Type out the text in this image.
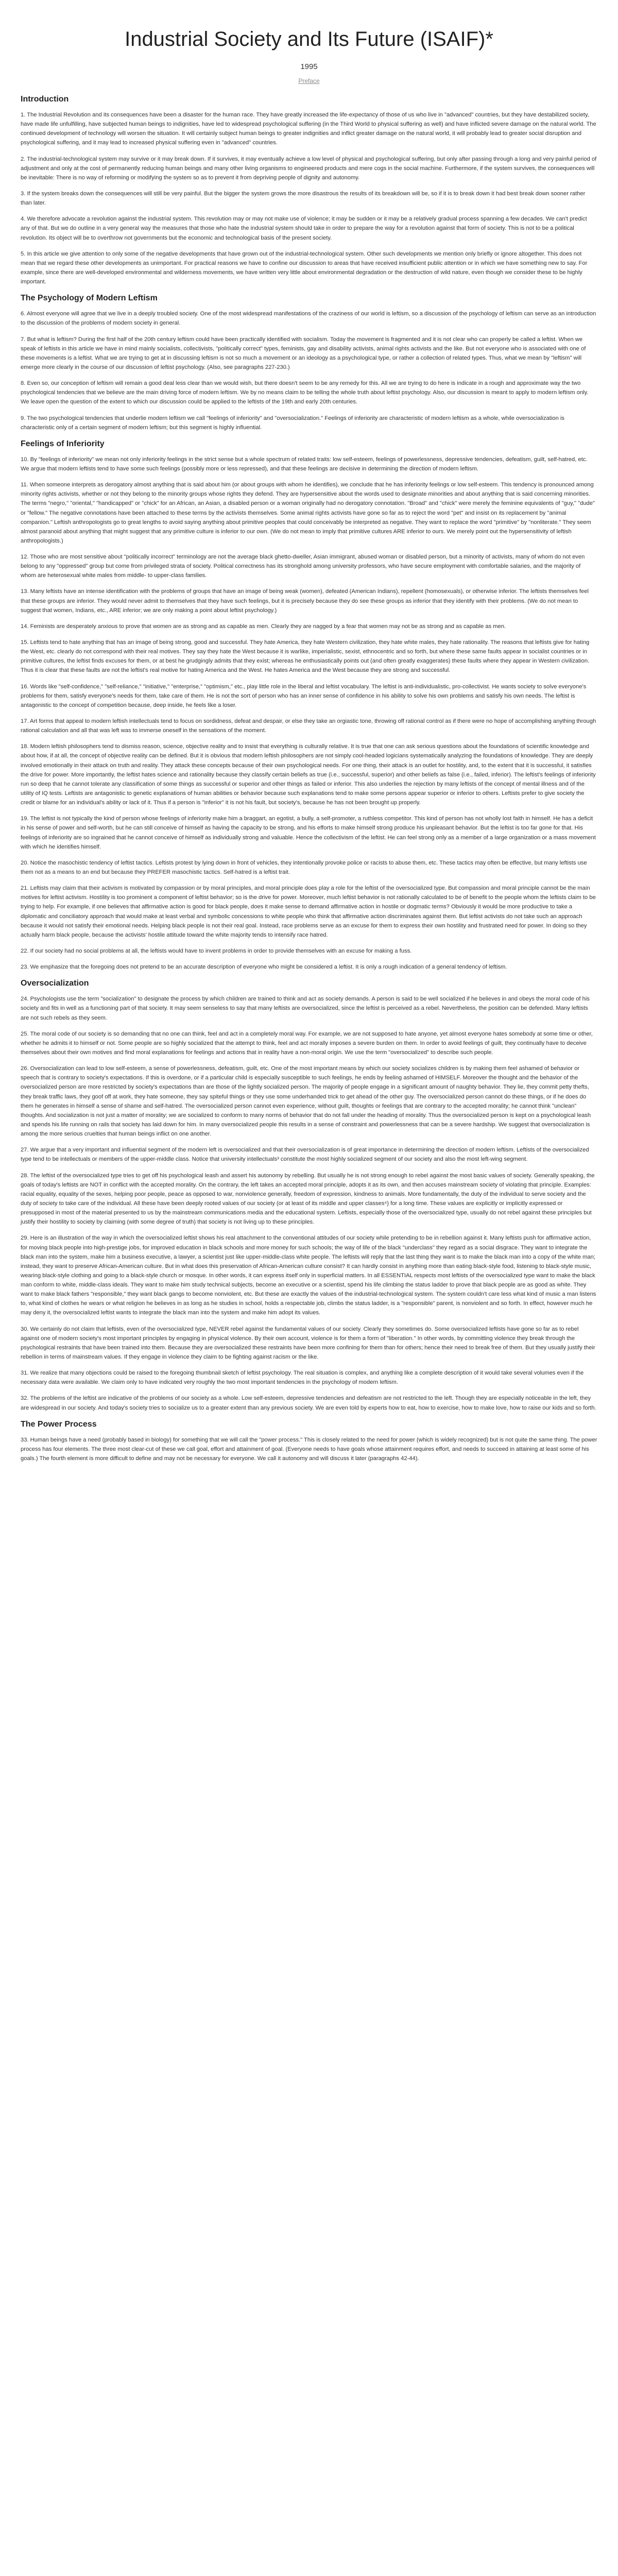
Industrial Society and Its Future (ISAIF)*
1995
Preface
Introduction

1. The Industrial Revolution and its consequences have been a disaster for the human race. They have greatly increased the life-expectancy of those of us who live in "advanced" countries, but they have destabilized society, have made life unfulfilling, have subjected human beings to indignities, have led to widespread psychological suffering (in the Third World to physical suffering as well) and have inflicted severe damage on the natural world. The continued development of technology will worsen the situation. It will certainly subject human beings to greater indignities and inflict greater damage on the natural world, it will probably lead to greater social disruption and psychological suffering, and it may lead to increased physical suffering even in "advanced" countries.

2. The industrial-technological system may survive or it may break down. If it survives, it may eventually achieve a low level of physical and psychological suffering, but only after passing through a long and very painful period of adjustment and only at the cost of permanently reducing human beings and many other living organisms to engineered products and mere cogs in the social machine. Furthermore, if the system survives, the consequences will be inevitable: There is no way of reforming or modifying the system so as to prevent it from depriving people of dignity and autonomy.

3. If the system breaks down the consequences will still be very painful. But the bigger the system grows the more disastrous the results of its breakdown will be, so if it is to break down it had best break down sooner rather than later.

4. We therefore advocate a revolution against the industrial system. This revolution may or may not make use of violence; it may be sudden or it may be a relatively gradual process spanning a few decades. We can't predict any of that. But we do outline in a very general way the measures that those who hate the industrial system should take in order to prepare the way for a revolution against that form of society. This is not to be a political revolution. Its object will be to overthrow not governments but the economic and technological basis of the present society.

5. In this article we give attention to only some of the negative developments that have grown out of the industrial-technological system. Other such developments we mention only briefly or ignore altogether. This does not mean that we regard these other developments as unimportant. For practical reasons we have to confine our discussion to areas that have received insufficient public attention or in which we have something new to say. For example, since there are well-developed environmental and wilderness movements, we have written very little about environmental degradation or the destruction of wild nature, even though we consider these to be highly important.

The Psychology of Modern Leftism

6. Almost everyone will agree that we live in a deeply troubled society. One of the most widespread manifestations of the craziness of our world is leftism, so a discussion of the psychology of leftism can serve as an introduction to the discussion of the problems of modern society in general.

7. But what is leftism? During the first half of the 20th century leftism could have been practically identified with socialism. Today the movement is fragmented and it is not clear who can properly be called a leftist. When we speak of leftists in this article we have in mind mainly socialists, collectivists, "politically correct" types, feminists, gay and disability activists, animal rights activists and the like. But not everyone who is associated with one of these movements is a leftist. What we are trying to get at in discussing leftism is not so much a movement or an ideology as a psychological type, or rather a collection of related types. Thus, what we mean by "leftism" will emerge more clearly in the course of our discussion of leftist psychology. (Also, see paragraphs 227-230.)

8. Even so, our conception of leftism will remain a good deal less clear than we would wish, but there doesn't seem to be any remedy for this. All we are trying to do here is indicate in a rough and approximate way the two psychological tendencies that we believe are the main driving force of modern leftism. We by no means claim to be telling the whole truth about leftist psychology. Also, our discussion is meant to apply to modern leftism only. We leave open the question of the extent to which our discussion could be applied to the leftists of the 19th and early 20th centuries.

9. The two psychological tendencies that underlie modern leftism we call "feelings of inferiority" and "oversocialization." Feelings of inferiority are characteristic of modern leftism as a whole, while oversocialization is characteristic only of a certain segment of modern leftism; but this segment is highly influential.

Feelings of Inferiority

10. By "feelings of inferiority" we mean not only inferiority feelings in the strict sense but a whole spectrum of related traits: low self-esteem, feelings of powerlessness, depressive tendencies, defeatism, guilt, self-hatred, etc. We argue that modern leftists tend to have some such feelings (possibly more or less repressed), and that these feelings are decisive in determining the direction of modern leftism.

11. When someone interprets as derogatory almost anything that is said about him (or about groups with whom he identifies), we conclude that he has inferiority feelings or low self-esteem. This tendency is pronounced among minority rights activists, whether or not they belong to the minority groups whose rights they defend. They are hypersensitive about the words used to designate minorities and about anything that is said concerning minorities. The terms "negro," "oriental," "handicapped" or "chick" for an African, an Asian, a disabled person or a woman originally had no derogatory connotation. "Broad" and "chick" were merely the feminine equivalents of "guy," "dude" or "fellow." The negative connotations have been attached to these terms by the activists themselves. Some animal rights activists have gone so far as to reject the word "pet" and insist on its replacement by "animal companion." Leftish anthropologists go to great lengths to avoid saying anything about primitive peoples that could conceivably be interpreted as negative. They want to replace the word "primitive" by "nonliterate." They seem almost paranoid about anything that might suggest that any primitive culture is inferior to our own. (We do not mean to imply that primitive cultures ARE inferior to ours. We merely point out the hypersensitivity of leftish anthropologists.)

12. Those who are most sensitive about "politically incorrect" terminology are not the average black ghetto-dweller, Asian immigrant, abused woman or disabled person, but a minority of activists, many of whom do not even belong to any "oppressed" group but come from privileged strata of society. Political correctness has its stronghold among university professors, who have secure employment with comfortable salaries, and the majority of whom are heterosexual white males from middle- to upper-class families.

13. Many leftists have an intense identification with the problems of groups that have an image of being weak (women), defeated (American Indians), repellent (homosexuals), or otherwise inferior. The leftists themselves feel that these groups are inferior. They would never admit to themselves that they have such feelings, but it is precisely because they do see these groups as inferior that they identify with their problems. (We do not mean to suggest that women, Indians, etc., ARE inferior; we are only making a point about leftist psychology.)

14. Feminists are desperately anxious to prove that women are as strong and as capable as men. Clearly they are nagged by a fear that women may not be as strong and as capable as men.

15. Leftists tend to hate anything that has an image of being strong, good and successful. They hate America, they hate Western civilization, they hate white males, they hate rationality. The reasons that leftists give for hating the West, etc. clearly do not correspond with their real motives. They say they hate the West because it is warlike, imperialistic, sexist, ethnocentric and so forth, but where these same faults appear in socialist countries or in primitive cultures, the leftist finds excuses for them, or at best he grudgingly admits that they exist; whereas he enthusiastically points out (and often greatly exaggerates) these faults where they appear in Western civilization. Thus it is clear that these faults are not the leftist's real motive for hating America and the West. He hates America and the West because they are strong and successful.

16. Words like "self-confidence," "self-reliance," "initiative," "enterprise," "optimism," etc., play little role in the liberal and leftist vocabulary. The leftist is anti-individualistic, pro-collectivist. He wants society to solve everyone's problems for them, satisfy everyone's needs for them, take care of them. He is not the sort of person who has an inner sense of confidence in his ability to solve his own problems and satisfy his own needs. The leftist is antagonistic to the concept of competition because, deep inside, he feels like a loser.

17. Art forms that appeal to modern leftish intellectuals tend to focus on sordidness, defeat and despair, or else they take an orgiastic tone, throwing off rational control as if there were no hope of accomplishing anything through rational calculation and all that was left was to immerse oneself in the sensations of the moment.

18. Modern leftish philosophers tend to dismiss reason, science, objective reality and to insist that everything is culturally relative. It is true that one can ask serious questions about the foundations of scientific knowledge and about how, if at all, the concept of objective reality can be defined. But it is obvious that modern leftish philosophers are not simply cool-headed logicians systematically analyzing the foundations of knowledge. They are deeply involved emotionally in their attack on truth and reality. They attack these concepts because of their own psychological needs. For one thing, their attack is an outlet for hostility, and, to the extent that it is successful, it satisfies the drive for power. More importantly, the leftist hates science and rationality because they classify certain beliefs as true (i.e., successful, superior) and other beliefs as false (i.e., failed, inferior). The leftist's feelings of inferiority run so deep that he cannot tolerate any classification of some things as successful or superior and other things as failed or inferior. This also underlies the rejection by many leftists of the concept of mental illness and of the utility of IQ tests. Leftists are antagonistic to genetic explanations of human abilities or behavior because such explanations tend to make some persons appear superior or inferior to others. Leftists prefer to give society the credit or blame for an individual's ability or lack of it. Thus if a person is "inferior" it is not his fault, but society's, because he has not been brought up properly.

19. The leftist is not typically the kind of person whose feelings of inferiority make him a braggart, an egotist, a bully, a self-promoter, a ruthless competitor. This kind of person has not wholly lost faith in himself. He has a deficit in his sense of power and self-worth, but he can still conceive of himself as having the capacity to be strong, and his efforts to make himself strong produce his unpleasant behavior. But the leftist is too far gone for that. His feelings of inferiority are so ingrained that he cannot conceive of himself as individually strong and valuable. Hence the collectivism of the leftist. He can feel strong only as a member of a large organization or a mass movement with which he identifies himself.

20. Notice the masochistic tendency of leftist tactics. Leftists protest by lying down in front of vehicles, they intentionally provoke police or racists to abuse them, etc. These tactics may often be effective, but many leftists use them not as a means to an end but because they PREFER masochistic tactics. Self-hatred is a leftist trait.

21. Leftists may claim that their activism is motivated by compassion or by moral principles, and moral principle does play a role for the leftist of the oversocialized type. But compassion and moral principle cannot be the main motives for leftist activism. Hostility is too prominent a component of leftist behavior; so is the drive for power. Moreover, much leftist behavior is not rationally calculated to be of benefit to the people whom the leftists claim to be trying to help. For example, if one believes that affirmative action is good for black people, does it make sense to demand affirmative action in hostile or dogmatic terms? Obviously it would be more productive to take a diplomatic and conciliatory approach that would make at least verbal and symbolic concessions to white people who think that affirmative action discriminates against them. But leftist activists do not take such an approach because it would not satisfy their emotional needs. Helping black people is not their real goal. Instead, race problems serve as an excuse for them to express their own hostility and frustrated need for power. In doing so they actually harm black people, because the activists' hostile attitude toward the white majority tends to intensify race hatred.

22. If our society had no social problems at all, the leftists would have to invent problems in order to provide themselves with an excuse for making a fuss.

23. We emphasize that the foregoing does not pretend to be an accurate description of everyone who might be considered a leftist. It is only a rough indication of a general tendency of leftism.

Oversocialization

24. Psychologists use the term "socialization" to designate the process by which children are trained to think and act as society demands. A person is said to be well socialized if he believes in and obeys the moral code of his society and fits in well as a functioning part of that society. It may seem senseless to say that many leftists are oversocialized, since the leftist is perceived as a rebel. Nevertheless, the position can be defended. Many leftists are not such rebels as they seem.

25. The moral code of our society is so demanding that no one can think, feel and act in a completely moral way. For example, we are not supposed to hate anyone, yet almost everyone hates somebody at some time or other, whether he admits it to himself or not. Some people are so highly socialized that the attempt to think, feel and act morally imposes a severe burden on them. In order to avoid feelings of guilt, they continually have to deceive themselves about their own motives and find moral explanations for feelings and actions that in reality have a non-moral origin. We use the term "oversocialized" to describe such people.

26. Oversocialization can lead to low self-esteem, a sense of powerlessness, defeatism, guilt, etc. One of the most important means by which our society socializes children is by making them feel ashamed of behavior or speech that is contrary to society's expectations. If this is overdone, or if a particular child is especially susceptible to such feelings, he ends by feeling ashamed of HIMSELF. Moreover the thought and the behavior of the oversocialized person are more restricted by society's expectations than are those of the lightly socialized person. The majority of people engage in a significant amount of naughty behavior. They lie, they commit petty thefts, they break traffic laws, they goof off at work, they hate someone, they say spiteful things or they use some underhanded trick to get ahead of the other guy. The oversocialized person cannot do these things, or if he does do them he generates in himself a sense of shame and self-hatred. The oversocialized person cannot even experience, without guilt, thoughts or feelings that are contrary to the accepted morality; he cannot think "unclean" thoughts. And socialization is not just a matter of morality; we are socialized to conform to many norms of behavior that do not fall under the heading of morality. Thus the oversocialized person is kept on a psychological leash and spends his life running on rails that society has laid down for him. In many oversocialized people this results in a sense of constraint and powerlessness that can be a severe hardship. We suggest that oversocialization is among the more serious cruelties that human beings inflict on one another.

27. We argue that a very important and influential segment of the modern left is oversocialized and that their oversocialization is of great importance in determining the direction of modern leftism. Leftists of the oversocialized type tend to be intellectuals or members of the upper-middle class. Notice that university intellectuals³ constitute the most highly socialized segment of our society and also the most left-wing segment.

28. The leftist of the oversocialized type tries to get off his psychological leash and assert his autonomy by rebelling. But usually he is not strong enough to rebel against the most basic values of society. Generally speaking, the goals of today's leftists are NOT in conflict with the accepted morality. On the contrary, the left takes an accepted moral principle, adopts it as its own, and then accuses mainstream society of violating that principle. Examples: racial equality, equality of the sexes, helping poor people, peace as opposed to war, nonviolence generally, freedom of expression, kindness to animals. More fundamentally, the duty of the individual to serve society and the duty of society to take care of the individual. All these have been deeply rooted values of our society (or at least of its middle and upper classes⁴) for a long time. These values are explicitly or implicitly expressed or presupposed in most of the material presented to us by the mainstream communications media and the educational system. Leftists, especially those of the oversocialized type, usually do not rebel against these principles but justify their hostility to society by claiming (with some degree of truth) that society is not living up to these principles.

29. Here is an illustration of the way in which the oversocialized leftist shows his real attachment to the conventional attitudes of our society while pretending to be in rebellion against it. Many leftists push for affirmative action, for moving black people into high-prestige jobs, for improved education in black schools and more money for such schools; the way of life of the black "underclass" they regard as a social disgrace. They want to integrate the black man into the system, make him a business executive, a lawyer, a scientist just like upper-middle-class white people. The leftists will reply that the last thing they want is to make the black man into a copy of the white man; instead, they want to preserve African-American culture. But in what does this preservation of African-American culture consist? It can hardly consist in anything more than eating black-style food, listening to black-style music, wearing black-style clothing and going to a black-style church or mosque. In other words, it can express itself only in superficial matters. In all ESSENTIAL respects most leftists of the oversocialized type want to make the black man conform to white, middle-class ideals. They want to make him study technical subjects, become an executive or a scientist, spend his life climbing the status ladder to prove that black people are as good as white. They want to make black fathers "responsible," they want black gangs to become nonviolent, etc. But these are exactly the values of the industrial-technological system. The system couldn't care less what kind of music a man listens to, what kind of clothes he wears or what religion he believes in as long as he studies in school, holds a respectable job, climbs the status ladder, is a "responsible" parent, is nonviolent and so forth. In effect, however much he may deny it, the oversocialized leftist wants to integrate the black man into the system and make him adopt its values.

30. We certainly do not claim that leftists, even of the oversocialized type, NEVER rebel against the fundamental values of our society. Clearly they sometimes do. Some oversocialized leftists have gone so far as to rebel against one of modern society's most important principles by engaging in physical violence. By their own account, violence is for them a form of "liberation." In other words, by committing violence they break through the psychological restraints that have been trained into them. Because they are oversocialized these restraints have been more confining for them than for others; hence their need to break free of them. But they usually justify their rebellion in terms of mainstream values. If they engage in violence they claim to be fighting against racism or the like.

31. We realize that many objections could be raised to the foregoing thumbnail sketch of leftist psychology. The real situation is complex, and anything like a complete description of it would take several volumes even if the necessary data were available. We claim only to have indicated very roughly the two most important tendencies in the psychology of modern leftism.

32. The problems of the leftist are indicative of the problems of our society as a whole. Low self-esteem, depressive tendencies and defeatism are not restricted to the left. Though they are especially noticeable in the left, they are widespread in our society. And today's society tries to socialize us to a greater extent than any previous society. We are even told by experts how to eat, how to exercise, how to make love, how to raise our kids and so forth.

The Power Process

33. Human beings have a need (probably based in biology) for something that we will call the "power process." This is closely related to the need for power (which is widely recognized) but is not quite the same thing. The power process has four elements. The three most clear-cut of these we call goal, effort and attainment of goal. (Everyone needs to have goals whose attainment requires effort, and needs to succeed in attaining at least some of his goals.) The fourth element is more difficult to define and may not be necessary for everyone. We call it autonomy and will discuss it later (paragraphs 42-44).
